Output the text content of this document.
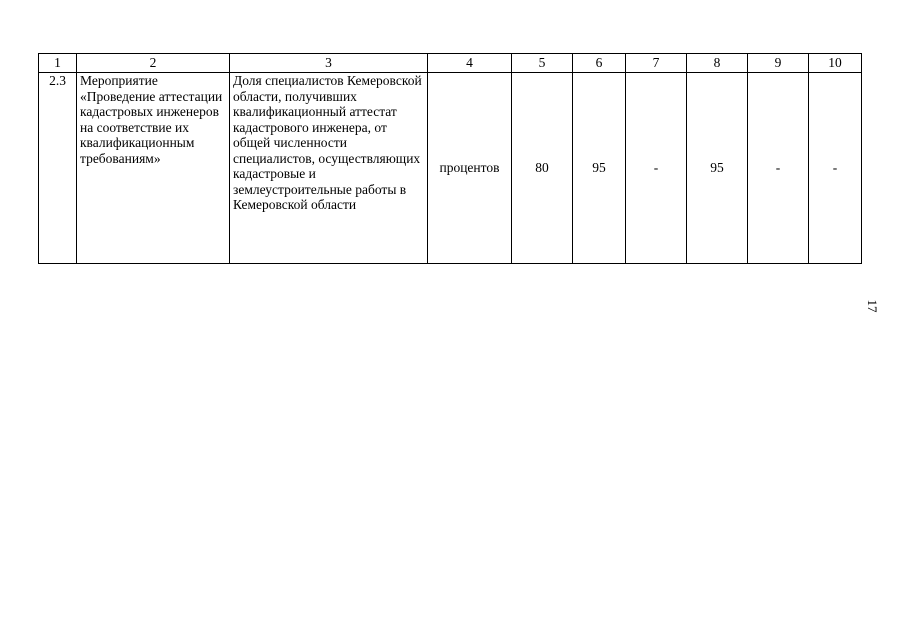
1	2	3	4	5	6	7	8	9	10
2.3	Мероприятие «Проведение аттестации кадастровых инженеров на соответствие их квалификационным требованиям»	Доля специалистов Кемеровской области, получивших квалификационный аттестат кадастрового инженера, от общей численности специалистов, осуществляющих кадастровые и землеустроительные работы в Кемеровской области	процентов	80	95	-	95	-	-
17
